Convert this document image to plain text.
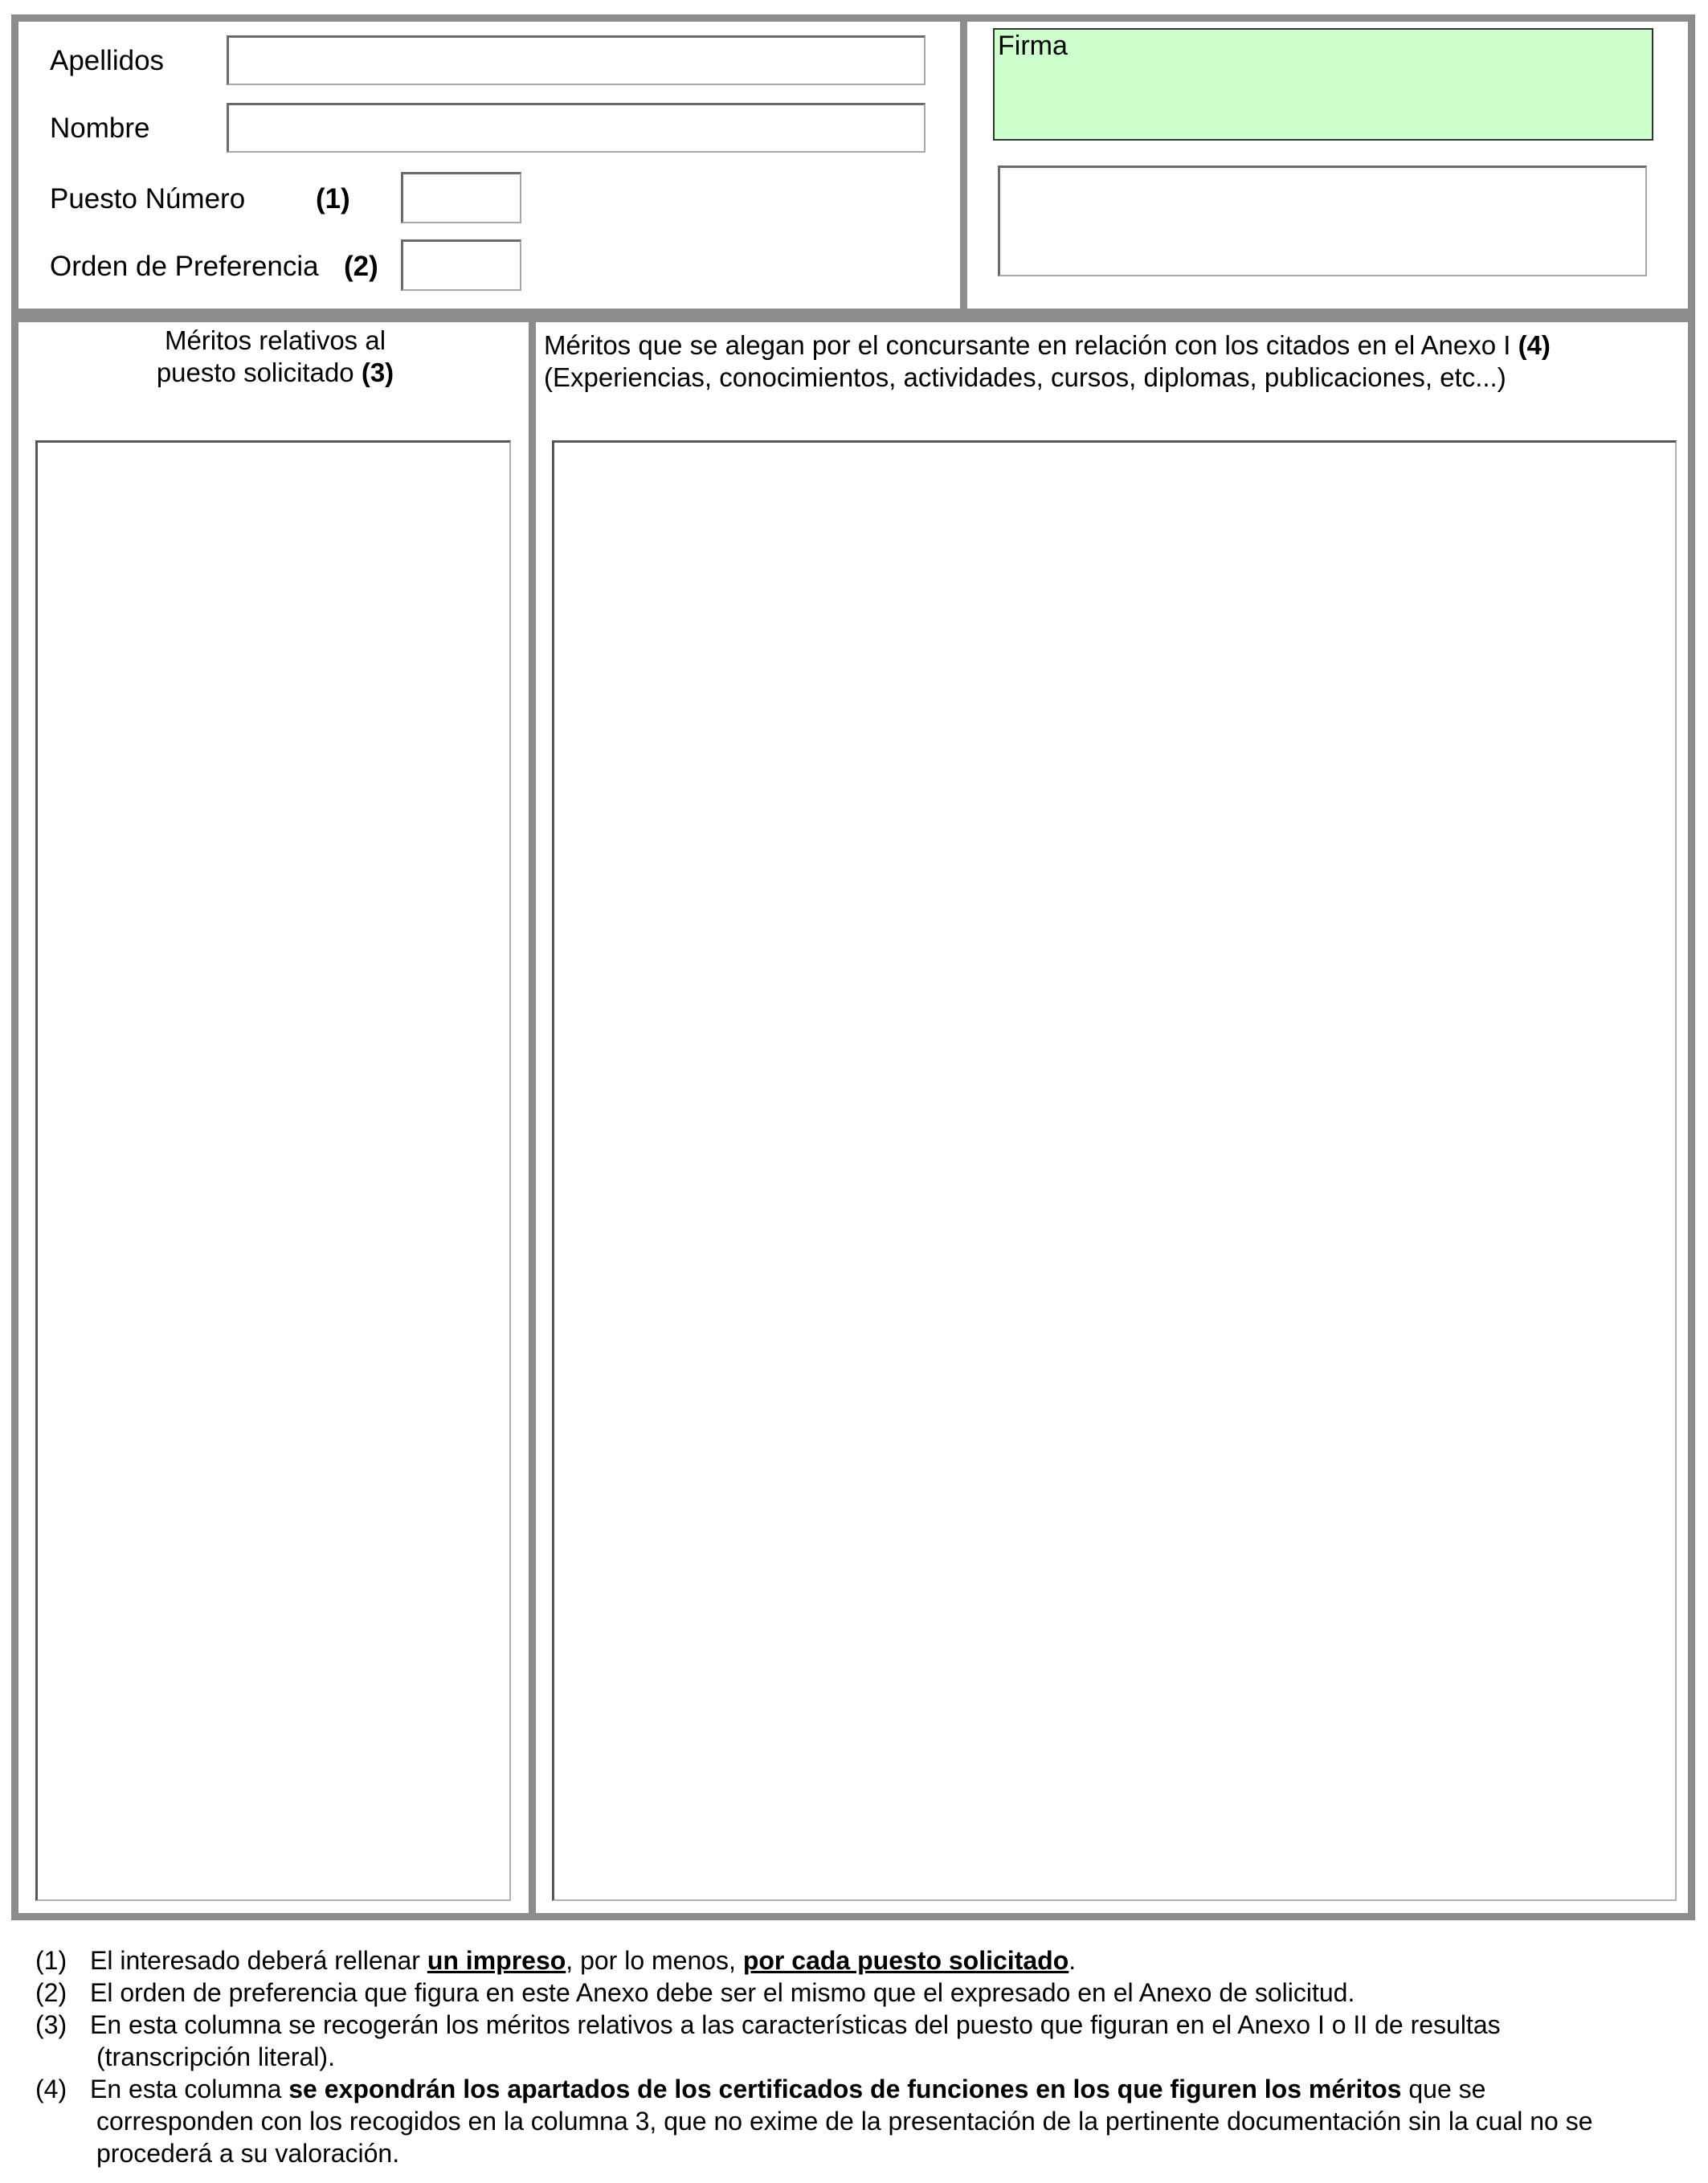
Apellidos
Nombre
Puesto Número	(1)
Orden de Preferencia (2)
Firma
Méritos relativos al
puesto solicitado (3)
Méritos que se alegan por el concursante en relación con los citados en el Anexo I (4)
(Experiencias, conocimientos, actividades, cursos, diplomas, publicaciones, etc...)
(1) El interesado deberá rellenar un impreso, por lo menos, por cada puesto solicitado.
(2) El orden de preferencia que figura en este Anexo debe ser el mismo que el expresado en el Anexo de solicitud.
(3) En esta columna se recogerán los méritos relativos a las características del puesto que figuran en el Anexo I o II de resultas
(transcripción literal).
(4) En esta columna se expondrán los apartados de los certificados de funciones en los que figuren los méritos que se
corresponden con los recogidos en la columna 3, que no exime de la presentación de la pertinente documentación sin la cual no se
procederá a su valoración.
